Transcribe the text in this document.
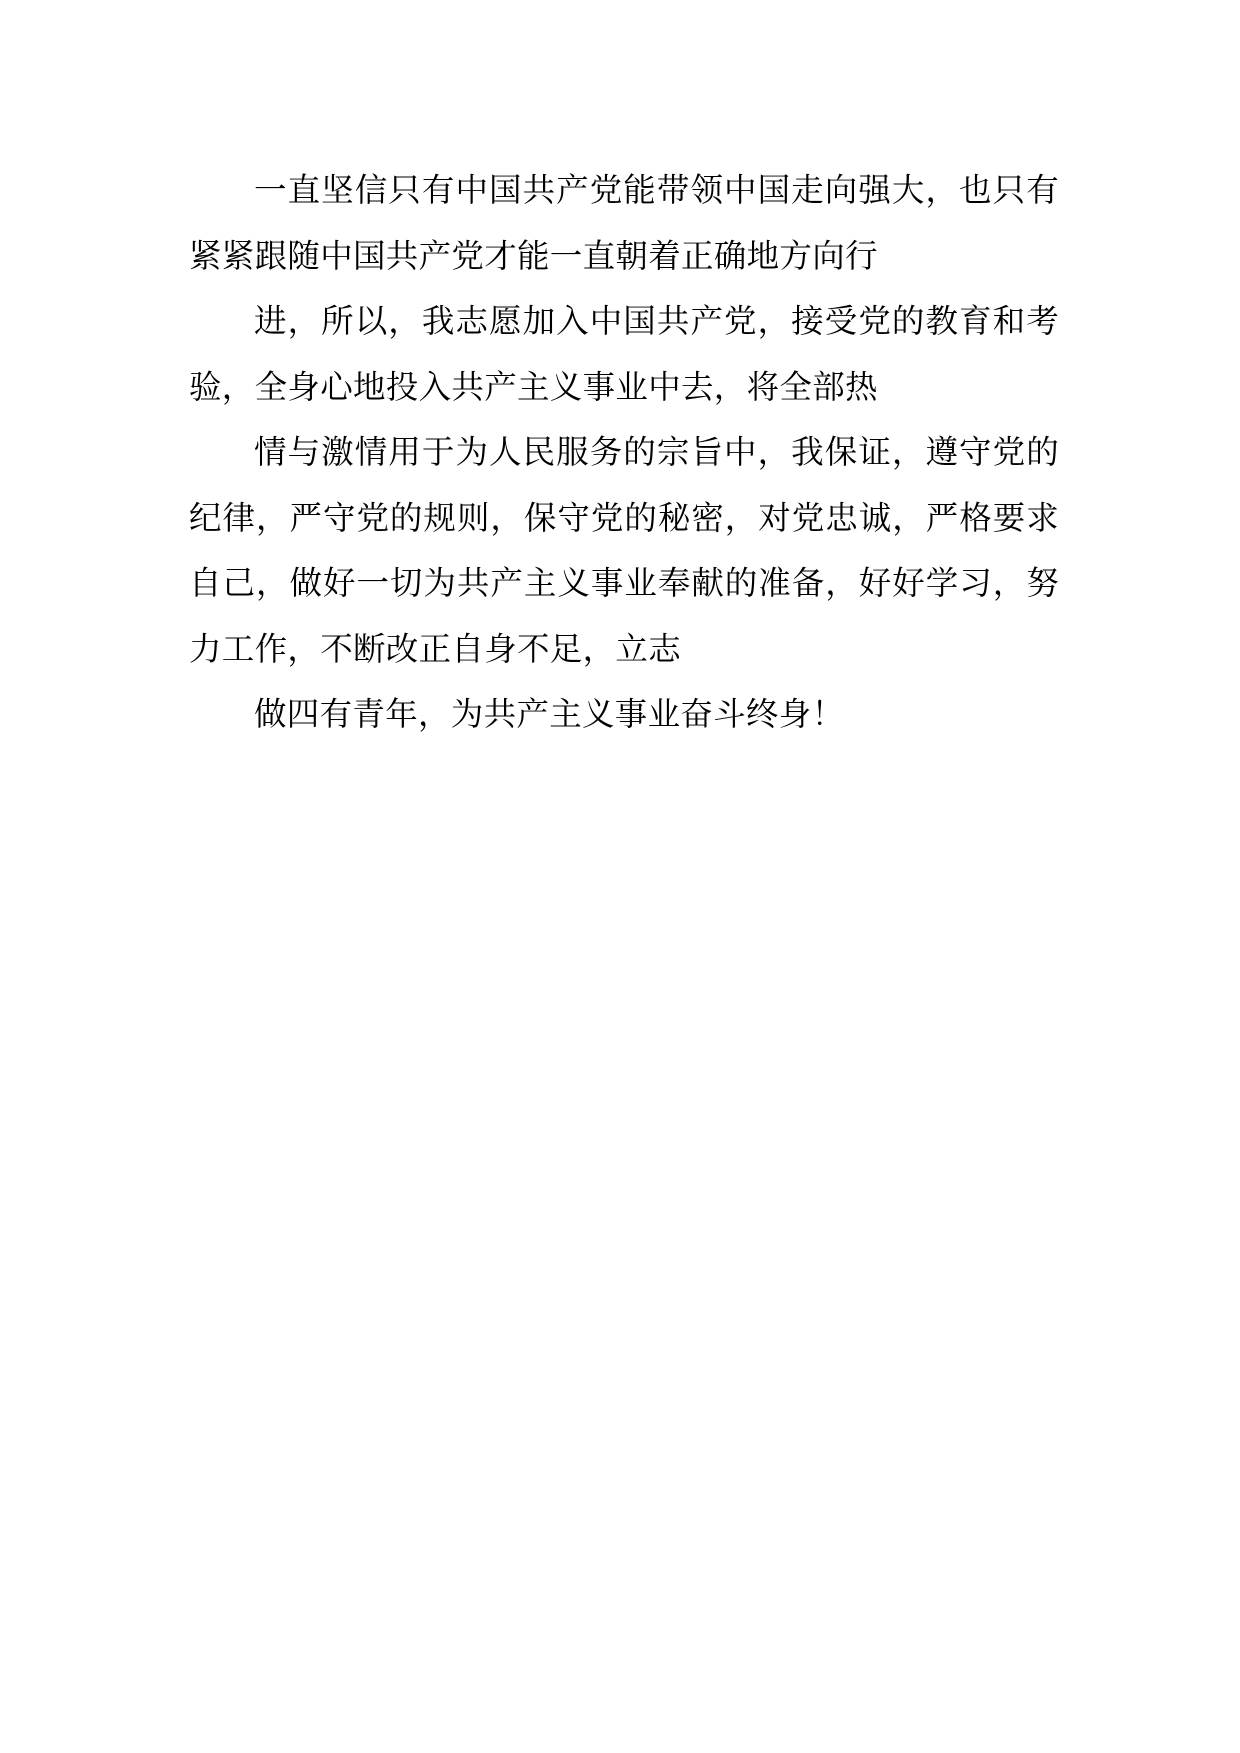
一直坚信只有中国共产党能带领中国走向强大，也只有紧紧跟随中国共产党才能一直朝着正确地方向行

进，所以，我志愿加入中国共产党，接受党的教育和考验，全身心地投入共产主义事业中去，将全部热

情与激情用于为人民服务的宗旨中，我保证，遵守党的纪律，严守党的规则，保守党的秘密，对党忠诚，严格要求自己，做好一切为共产主义事业奉献的准备，好好学习，努力工作，不断改正自身不足，立志

做四有青年，为共产主义事业奋斗终身！
